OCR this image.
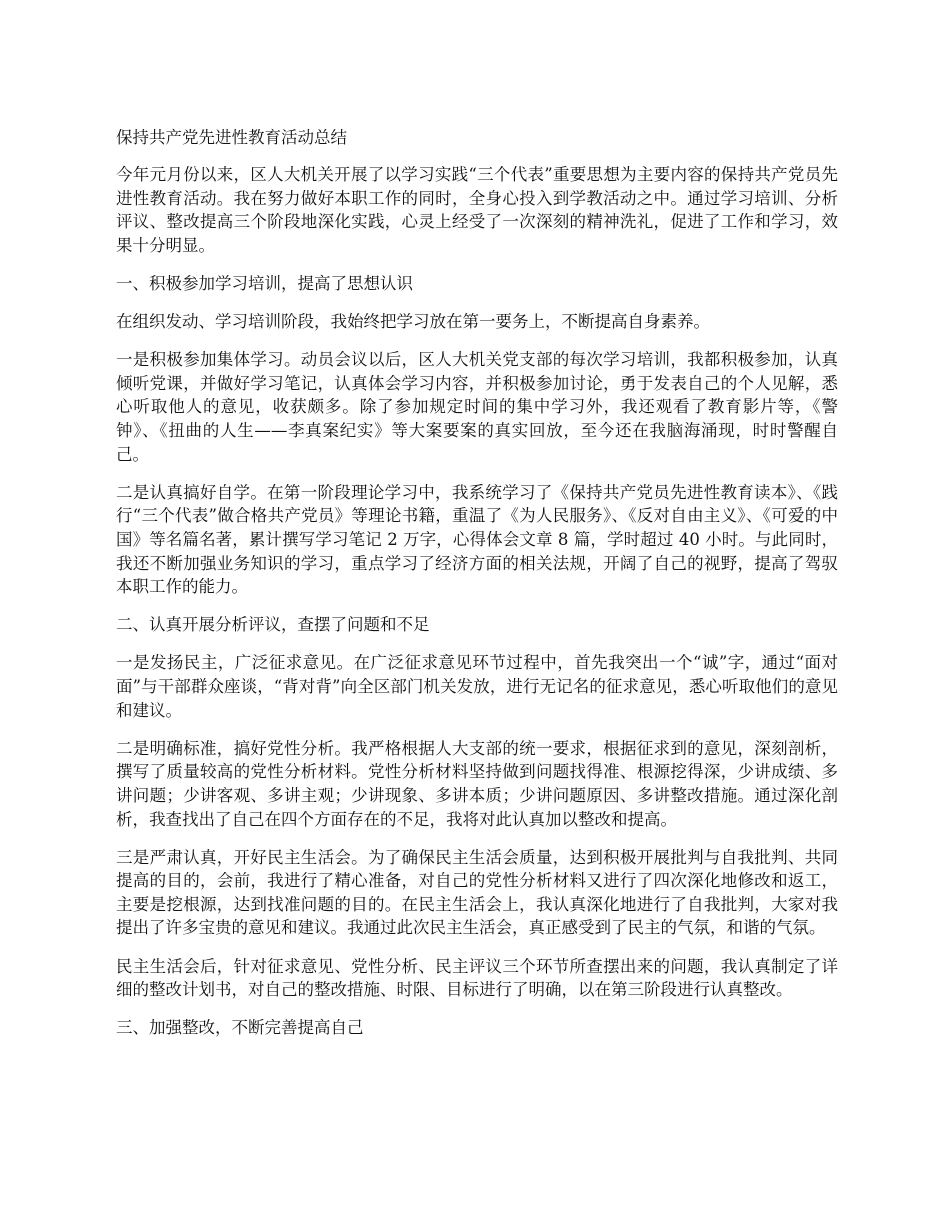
保持共产党先进性教育活动总结

今年元月份以来，区人大机关开展了以学习实践“三个代表”重要思想为主要内容的保持共产党员先进性教育活动。我在努力做好本职工作的同时，全身心投入到学教活动之中。通过学习培训、分析评议、整改提高三个阶段地深化实践，心灵上经受了一次深刻的精神洗礼，促进了工作和学习，效果十分明显。

一、积极参加学习培训，提高了思想认识

在组织发动、学习培训阶段，我始终把学习放在第一要务上，不断提高自身素养。

一是积极参加集体学习。动员会议以后，区人大机关党支部的每次学习培训，我都积极参加，认真倾听党课，并做好学习笔记，认真体会学习内容，并积极参加讨论，勇于发表自己的个人见解，悉心听取他人的意见，收获颇多。除了参加规定时间的集中学习外，我还观看了教育影片等，《警钟》、《扭曲的人生——李真案纪实》等大案要案的真实回放，至今还在我脑海涌现，时时警醒自己。

二是认真搞好自学。在第一阶段理论学习中，我系统学习了《保持共产党员先进性教育读本》、《践行“三个代表”做合格共产党员》等理论书籍，重温了《为人民服务》、《反对自由主义》、《可爱的中国》等名篇名著，累计撰写学习笔记 2 万字，心得体会文章 8 篇，学时超过 40 小时。与此同时，我还不断加强业务知识的学习，重点学习了经济方面的相关法规，开阔了自己的视野，提高了驾驭本职工作的能力。

二、认真开展分析评议，查摆了问题和不足

一是发扬民主，广泛征求意见。在广泛征求意见环节过程中，首先我突出一个“诚”字，通过“面对面”与干部群众座谈，“背对背”向全区部门机关发放，进行无记名的征求意见，悉心听取他们的意见和建议。

二是明确标准，搞好党性分析。我严格根据人大支部的统一要求，根据征求到的意见，深刻剖析，撰写了质量较高的党性分析材料。党性分析材料坚持做到问题找得准、根源挖得深，少讲成绩、多讲问题；少讲客观、多讲主观；少讲现象、多讲本质；少讲问题原因、多讲整改措施。通过深化剖析，我查找出了自己在四个方面存在的不足，我将对此认真加以整改和提高。

三是严肃认真，开好民主生活会。为了确保民主生活会质量，达到积极开展批判与自我批判、共同提高的目的，会前，我进行了精心准备，对自己的党性分析材料又进行了四次深化地修改和返工，主要是挖根源，达到找准问题的目的。在民主生活会上，我认真深化地进行了自我批判，大家对我提出了许多宝贵的意见和建议。我通过此次民主生活会，真正感受到了民主的气氛，和谐的气氛。

民主生活会后，针对征求意见、党性分析、民主评议三个环节所查摆出来的问题，我认真制定了详细的整改计划书，对自己的整改措施、时限、目标进行了明确，以在第三阶段进行认真整改。

三、加强整改，不断完善提高自己
